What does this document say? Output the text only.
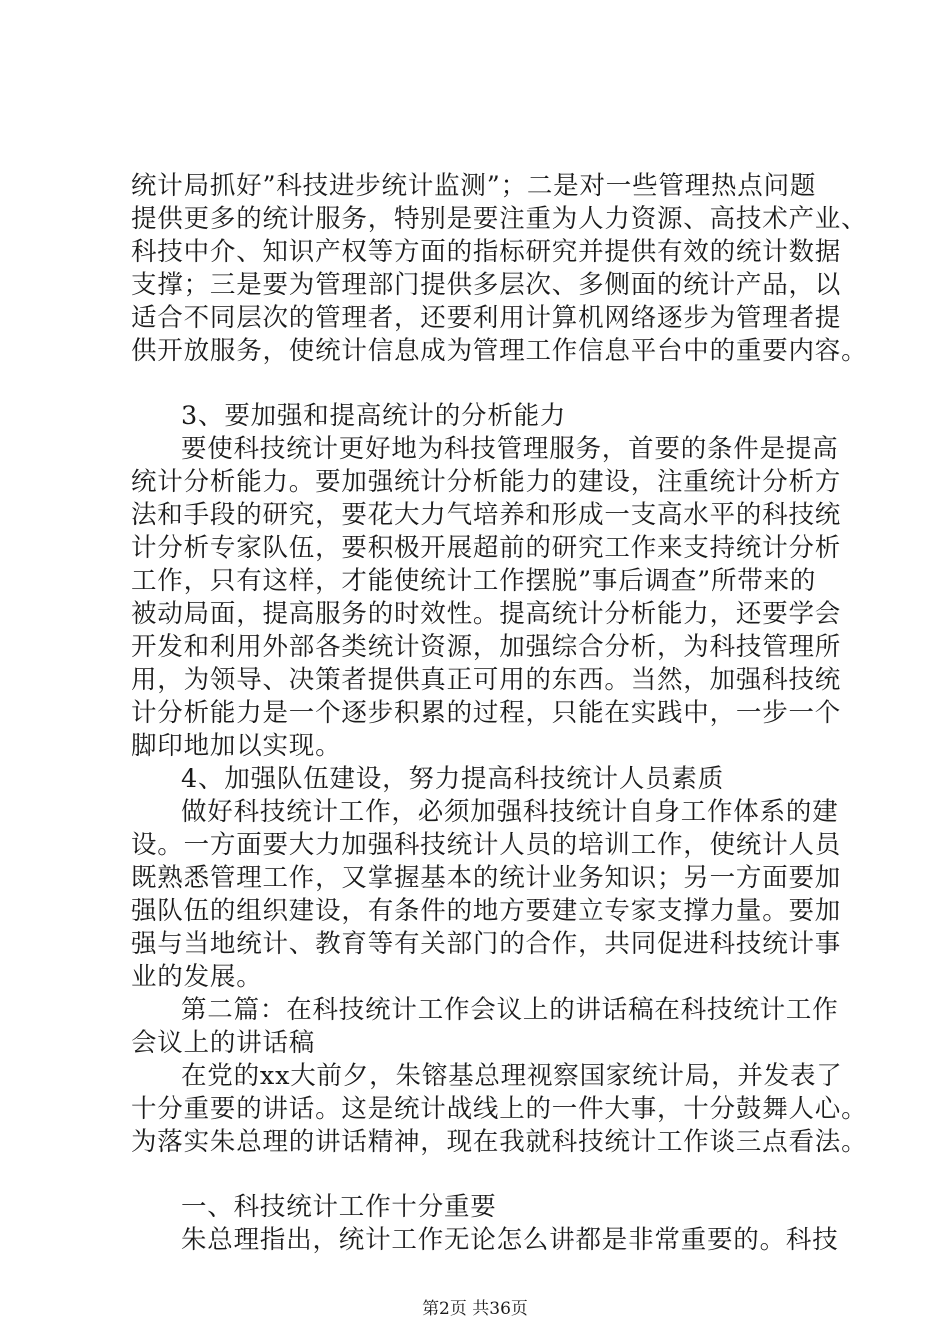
统计局抓好”科技进步统计监测”；二是对一些管理热点问题
提供更多的统计服务，特别是要注重为人力资源、高技术产业、
科技中介、知识产权等方面的指标研究并提供有效的统计数据
支撑；三是要为管理部门提供多层次、多侧面的统计产品，以
适合不同层次的管理者，还要利用计算机网络逐步为管理者提
供开放服务，使统计信息成为管理工作信息平台中的重要内容。
3、要加强和提高统计的分析能力
要使科技统计更好地为科技管理服务，首要的条件是提高
统计分析能力。要加强统计分析能力的建设，注重统计分析方
法和手段的研究，要花大力气培养和形成一支高水平的科技统
计分析专家队伍，要积极开展超前的研究工作来支持统计分析
工作，只有这样，才能使统计工作摆脱”事后调查”所带来的
被动局面，提高服务的时效性。提高统计分析能力，还要学会
开发和利用外部各类统计资源，加强综合分析，为科技管理所
用，为领导、决策者提供真正可用的东西。当然，加强科技统
计分析能力是一个逐步积累的过程，只能在实践中，一步一个
脚印地加以实现。
4、加强队伍建设，努力提高科技统计人员素质
做好科技统计工作，必须加强科技统计自身工作体系的建
设。一方面要大力加强科技统计人员的培训工作，使统计人员
既熟悉管理工作，又掌握基本的统计业务知识；另一方面要加
强队伍的组织建设，有条件的地方要建立专家支撑力量。要加
强与当地统计、教育等有关部门的合作，共同促进科技统计事
业的发展。
第二篇：在科技统计工作会议上的讲话稿在科技统计工作
会议上的讲话稿
在党的xx大前夕，朱镕基总理视察国家统计局，并发表了
十分重要的讲话。这是统计战线上的一件大事，十分鼓舞人心。
为落实朱总理的讲话精神，现在我就科技统计工作谈三点看法。
一、科技统计工作十分重要
朱总理指出，统计工作无论怎么讲都是非常重要的。科技
第2页 共36页
